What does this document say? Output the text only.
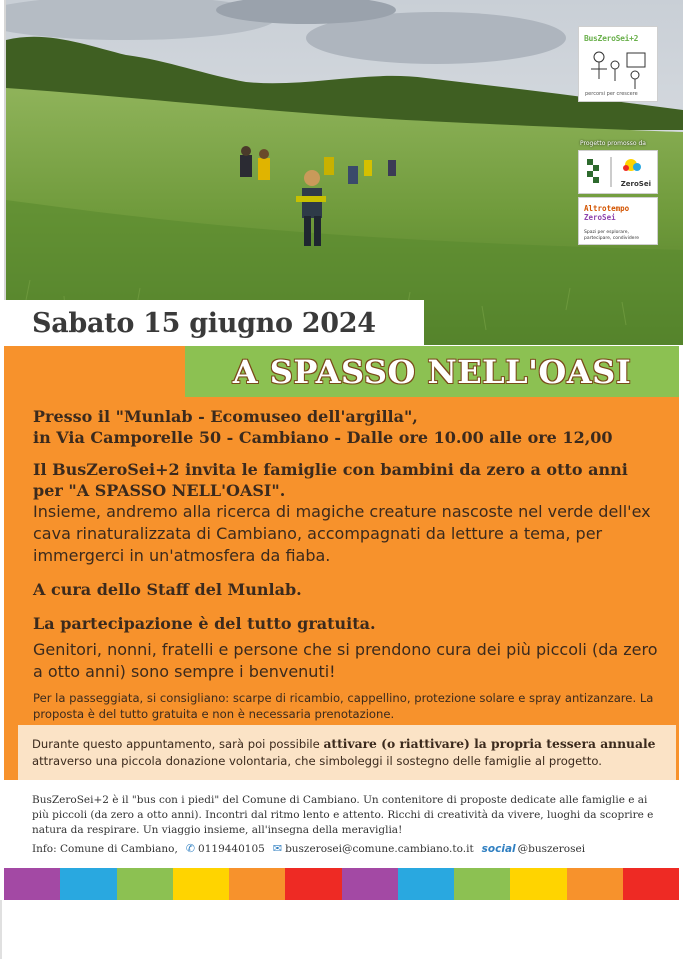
BusZeroSei+2
percorsi per crescere
Progetto promosso da
ZeroSei
Altrotempo
ZeroSei
Spazi per esplorare, partecipare, condividere
Sabato 15 giugno 2024
A SPASSO NELL'OASI
Presso il "Munlab - Ecomuseo dell'argilla",
in Via Camporelle 50 - Cambiano - Dalle ore 10.00 alle ore 12,00
Il BusZeroSei+2 invita le famiglie con bambini da zero a otto anni per "A SPASSO NELL'OASI".
Insieme, andremo alla ricerca di magiche creature nascoste nel verde dell'ex cava rinaturalizzata di Cambiano, accompagnati da letture a tema, per immergerci in un'atmosfera da fiaba.
A cura dello Staff del Munlab.
La partecipazione è del tutto gratuita.
Genitori, nonni, fratelli e persone che si prendono cura dei più piccoli (da zero a otto anni) sono sempre i benvenuti!
Per la passeggiata, si consigliano: scarpe di ricambio, cappellino, protezione solare e spray antizanzare. La proposta è del tutto gratuita e non è necessaria prenotazione.

Durante questo appuntamento, sarà poi possibile attivare (o riattivare) la propria tessera annuale attraverso una piccola donazione volontaria, che simboleggi il sostegno delle famiglie al progetto.

BusZeroSei+2 è il "bus con i piedi" del Comune di Cambiano. Un contenitore di proposte dedicate alle famiglie e ai più piccoli (da zero a otto anni). Incontri dal ritmo lento e attento. Ricchi di creatività da vivere, luoghi da scoprire e natura da respirare. Un viaggio insieme, all'insegna della meraviglia!

Info: Comune di Cambiano, ✆ 0119440105 ✉ buszerosei@comune.cambiano.to.it social @buszerosei
